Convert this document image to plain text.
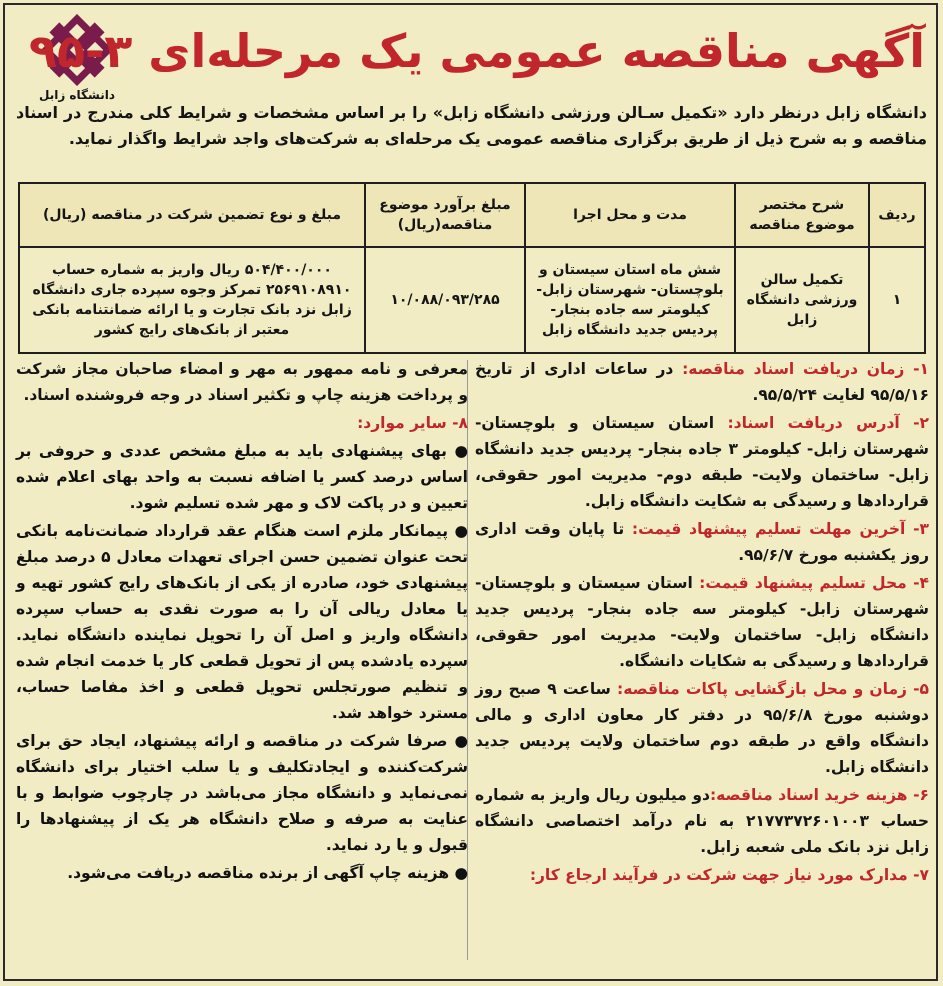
دانشگاه زابل
آگهی مناقصه عمومی یک مرحله‌ای ۳-۹۵
دانشگاه زابل درنظر دارد «تکمیل سـالن ورزشی دانشگاه زابل» را بر اساس مشخصات و شرایط کلی مندرج در اسناد مناقصه و به شرح ذیل از طریق برگزاری مناقصه عمومی یک مرحله‌ای به شرکت‌های واجد شرایط واگذار نماید.
ردیف	شرح مختصر موضوع مناقصه	مدت و محل اجرا	مبلغ برآورد موضوع مناقصه(ریال)	مبلغ و نوع تضمین شرکت در مناقصه (ریال)
۱	تکمیل سالن ورزشی دانشگاه زابل	شش ماه استان سیستان و بلوچستان- شهرستان زابل- کیلومتر سه جاده بنجار- پردیس جدید دانشگاه زابل	۱۰/۰۸۸/۰۹۳/۲۸۵	۵۰۴/۴۰۰/۰۰۰ ریال واریز به شماره حساب ۲۵۶۹۱۰۸۹۱۰ تمرکز وجوه سپرده جاری دانشگاه زابل نزد بانک تجارت و یا ارائه ضمانتنامه بانکی معتبر از بانک‌های رایج کشور
۱- زمان دریافت اسناد مناقصه: در ساعات اداری از تاریخ ۹۵/۵/۱۶ لغایت ۹۵/۵/۲۴.
۲- آدرس دریافت اسناد: استان سیستان و بلوچستان- شهرستان زابل- کیلومتر ۳ جاده بنجار- پردیس جدید دانشگاه زابل- ساختمان ولایت- طبقه دوم- مدیریت امور حقوقی، قراردادها و رسیدگی به شکایت دانشگاه زابل.
۳- آخرین مهلت تسلیم پیشنهاد قیمت: تا پایان وقت اداری روز یکشنبه مورخ ۹۵/۶/۷.
۴- محل تسلیم پیشنهاد قیمت: استان سیستان و بلوچستان- شهرستان زابل- کیلومتر سه جاده بنجار- پردیس جدید دانشگاه زابل- ساختمان ولایت- مدیریت امور حقوقی، قراردادها و رسیدگی به شکایات دانشگاه.
۵- زمان و محل بازگشایی پاکات مناقصه: ساعت ۹ صبح روز دوشنبه مورخ ۹۵/۶/۸ در دفتر کار معاون اداری و مالی دانشگاه واقع در طبقه دوم ساختمان ولایت پردیس جدید دانشگاه زابل.
۶- هزینه خرید اسناد مناقصه:دو میلیون ریال واریز به شماره حساب ۲۱۷۷۳۷۲۶۰۱۰۰۳ به نام درآمد اختصاصی دانشگاه زابل نزد بانک ملی شعبه زابل.
۷- مدارک مورد نیاز جهت شرکت در فرآیند ارجاع کار:

معرفی و نامه ممهور به مهر و امضاء صاحبان مجاز شرکت و پرداخت هزینه چاپ و تکثیر اسناد در وجه فروشنده اسناد.

۸- سایر موارد:

● بهای پیشنهادی باید به مبلغ مشخص عددی و حروفی بر اساس درصد کسر یا اضافه نسبت به واحد بهای اعلام شده تعیین و در پاکت لاک و مهر شده تسلیم شود.

● پیمانکار ملزم است هنگام عقد قرارداد ضمانت‌نامه بانکی تحت عنوان تضمین حسن اجرای تعهدات معادل ۵ درصد مبلغ پیشنهادی خود، صادره از یکی از بانک‌های رایج کشور تهیه و یا معادل ریالی آن را به صورت نقدی به حساب سپرده دانشگاه واریز و اصل آن را تحویل نماینده دانشگاه نماید. سپرده یادشده پس از تحویل قطعی کار یا خدمت انجام شده و تنظیم صورتجلس تحویل قطعی و اخذ مفاصا حساب، مسترد خواهد شد.

● صرفا شرکت در مناقصه و ارائه پیشنهاد، ایجاد حق برای شرکت‌کننده و ایجادتکلیف و یا سلب اختیار برای دانشگاه نمی‌نماید و دانشگاه مجاز می‌باشد در چارچوب ضوابط و با عنایت به صرفه و صلاح دانشگاه هر یک از پیشنهادها را قبول و یا رد نماید.

● هزینه چاپ آگهی از برنده مناقصه دریافت می‌شود.
